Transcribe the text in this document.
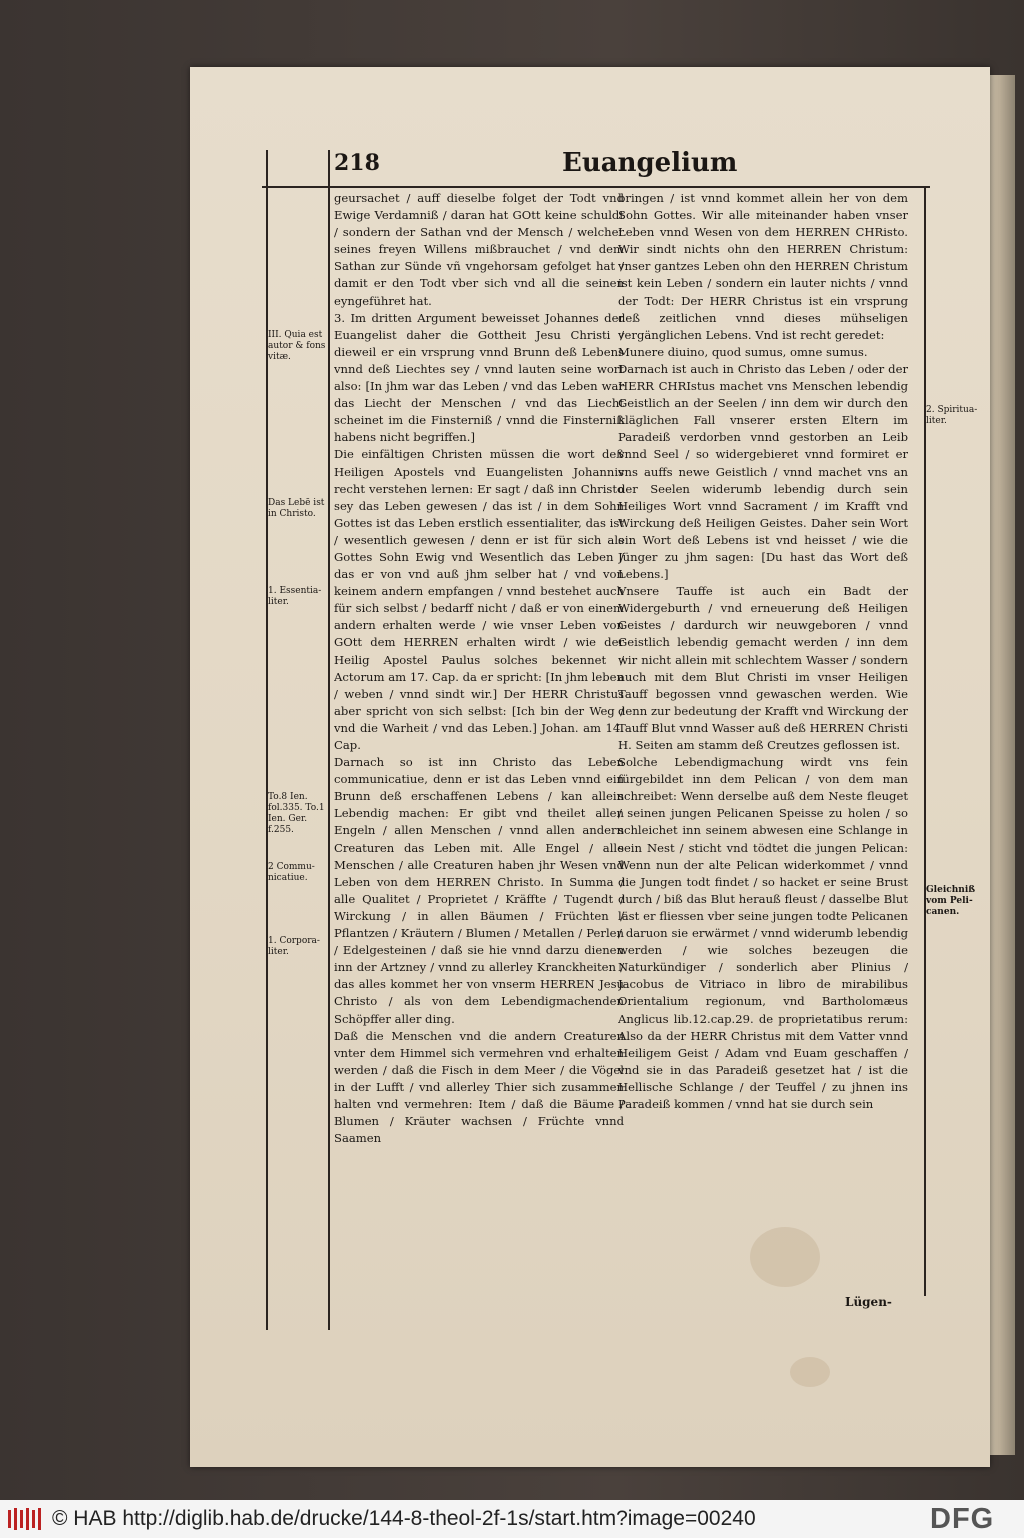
218	Euangelium
III. Quia est autor & fons vitæ.
Das Lebē ist in Christo.
1. Essentia-liter.
To.8 Ien. fol.335. To.1 Ien. Ger. f.255.
2 Commu-nicatiue.
1. Corpora-liter.
geursachet / auff dieselbe folget der Todt vnd Ewige Verdamniß / daran hat GOtt keine schuldt / sondern der Sathan vnd der Mensch / welcher seines freyen Willens mißbrauchet / vnd dem Sathan zur Sünde vñ vngehorsam gefolget hat / damit er den Todt vber sich vnd all die seinen eyngeführet hat.
3. Im dritten Argument beweisset Johannes der Euangelist daher die Gottheit Jesu Christi / dieweil er ein vrsprung vnnd Brunn deß Lebens vnnd deß Liechtes sey / vnnd lauten seine wort also: [In jhm war das Leben / vnd das Leben war das Liecht der Menschen / vnd das Liecht scheinet im die Finsterniß / vnnd die Finsterniß habens nicht begriffen.]
Die einfältigen Christen müssen die wort deß Heiligen Apostels vnd Euangelisten Johannis recht verstehen lernen: Er sagt / daß inn Christo sey das Leben gewesen / das ist / in dem Sohn Gottes ist das Leben erstlich essentialiter, das ist / wesentlich gewesen / denn er ist für sich als Gottes Sohn Ewig vnd Wesentlich das Leben / das er von vnd auß jhm selber hat / vnd von keinem andern empfangen / vnnd bestehet auch für sich selbst / bedarff nicht / daß er von einem andern erhalten werde / wie vnser Leben von GOtt dem HERREN erhalten wirdt / wie der Heilig Apostel Paulus solches bekennet / Actorum am 17. Cap. da er spricht: [In jhm leben / weben / vnnd sindt wir.] Der HERR Christus aber spricht von sich selbst: [Ich bin der Weg / vnd die Warheit / vnd das Leben.] Johan. am 14. Cap.
Darnach so ist inn Christo das Leben communicatiue, denn er ist das Leben vnnd ein Brunn deß erschaffenen Lebens / kan allein Lebendig machen: Er gibt vnd theilet allen Engeln / allen Menschen / vnnd allen andern Creaturen das Leben mit. Alle Engel / alle Menschen / alle Creaturen haben jhr Wesen vnd Leben von dem HERREN Christo. In Summa / alle Qualitet / Proprietet / Kräffte / Tugendt / Wirckung / in allen Bäumen / Früchten / Pflantzen / Kräutern / Blumen / Metallen / Perlen / Edelgesteinen / daß sie hie vnnd darzu dienen inn der Artzney / vnnd zu allerley Kranckheiten / das alles kommet her von vnserm HERREN Jesu Christo / als von dem Lebendigmachenden Schöpffer aller ding.
Daß die Menschen vnd die andern Creaturen vnter dem Himmel sich vermehren vnd erhalten werden / daß die Fisch in dem Meer / die Vögel in der Lufft / vnd allerley Thier sich zusammen halten vnd vermehren: Item / daß die Bäume / Blumen / Kräuter wachsen / Früchte vnnd Saamen
bringen / ist vnnd kommet allein her von dem Sohn Gottes. Wir alle miteinander haben vnser Leben vnnd Wesen von dem HERREN CHRisto. Wir sindt nichts ohn den HERREN Christum: vnser gantzes Leben ohn den HERREN Christum ist kein Leben / sondern ein lauter nichts / vnnd der Todt: Der HERR Christus ist ein vrsprung deß zeitlichen vnnd dieses mühseligen vergänglichen Lebens. Vnd ist recht geredet:
Munere diuino, quod sumus, omne sumus.
Darnach ist auch in Christo das Leben / oder der HERR CHRIstus machet vns Menschen lebendig Geistlich an der Seelen / inn dem wir durch den kläglichen Fall vnserer ersten Eltern im Paradeiß verdorben vnnd gestorben an Leib vnnd Seel / so widergebieret vnnd formiret er vns auffs newe Geistlich / vnnd machet vns an der Seelen widerumb lebendig durch sein Heiliges Wort vnnd Sacrament / im Krafft vnd Wirckung deß Heiligen Geistes. Daher sein Wort ein Wort deß Lebens ist vnd heisset / wie die Jünger zu jhm sagen: [Du hast das Wort deß Lebens.]
Vnsere Tauffe ist auch ein Badt der Widergeburth / vnd erneuerung deß Heiligen Geistes / dardurch wir neuwgeboren / vnnd Geistlich lebendig gemacht werden / inn dem wir nicht allein mit schlechtem Wasser / sondern auch mit dem Blut Christi im vnser Heiligen Tauff begossen vnnd gewaschen werden. Wie denn zur bedeutung der Krafft vnd Wirckung der Tauff Blut vnnd Wasser auß deß HERREN Christi H. Seiten am stamm deß Creutzes geflossen ist.
Solche Lebendigmachung wirdt vns fein fürgebildet inn dem Pelican / von dem man schreibet: Wenn derselbe auß dem Neste fleuget / seinen jungen Pelicanen Speisse zu holen / so schleichet inn seinem abwesen eine Schlange in sein Nest / sticht vnd tödtet die jungen Pelican: Wenn nun der alte Pelican widerkommet / vnnd die Jungen todt findet / so hacket er seine Brust durch / biß das Blut herauß fleust / dasselbe Blut läst er fliessen vber seine jungen todte Pelicanen / daruon sie erwärmet / vnnd widerumb lebendig werden / wie solches bezeugen die Naturkündiger / sonderlich aber Plinius / Jacobus de Vitriaco in libro de mirabilibus Orientalium regionum, vnd Bartholomæus Anglicus lib.12.cap.29. de proprietatibus rerum: Also da der HERR Christus mit dem Vatter vnnd Heiligem Geist / Adam vnd Euam geschaffen / vnd sie in das Paradeiß gesetzet hat / ist die Hellische Schlange / der Teuffel / zu jhnen ins Paradeiß kommen / vnnd hat sie durch sein
2. Spiritua-liter.
Gleichniß vom Peli-canen.
Lügen-
© HAB http://diglib.hab.de/drucke/144-8-theol-2f-1s/start.htm?image=00240	DFG
